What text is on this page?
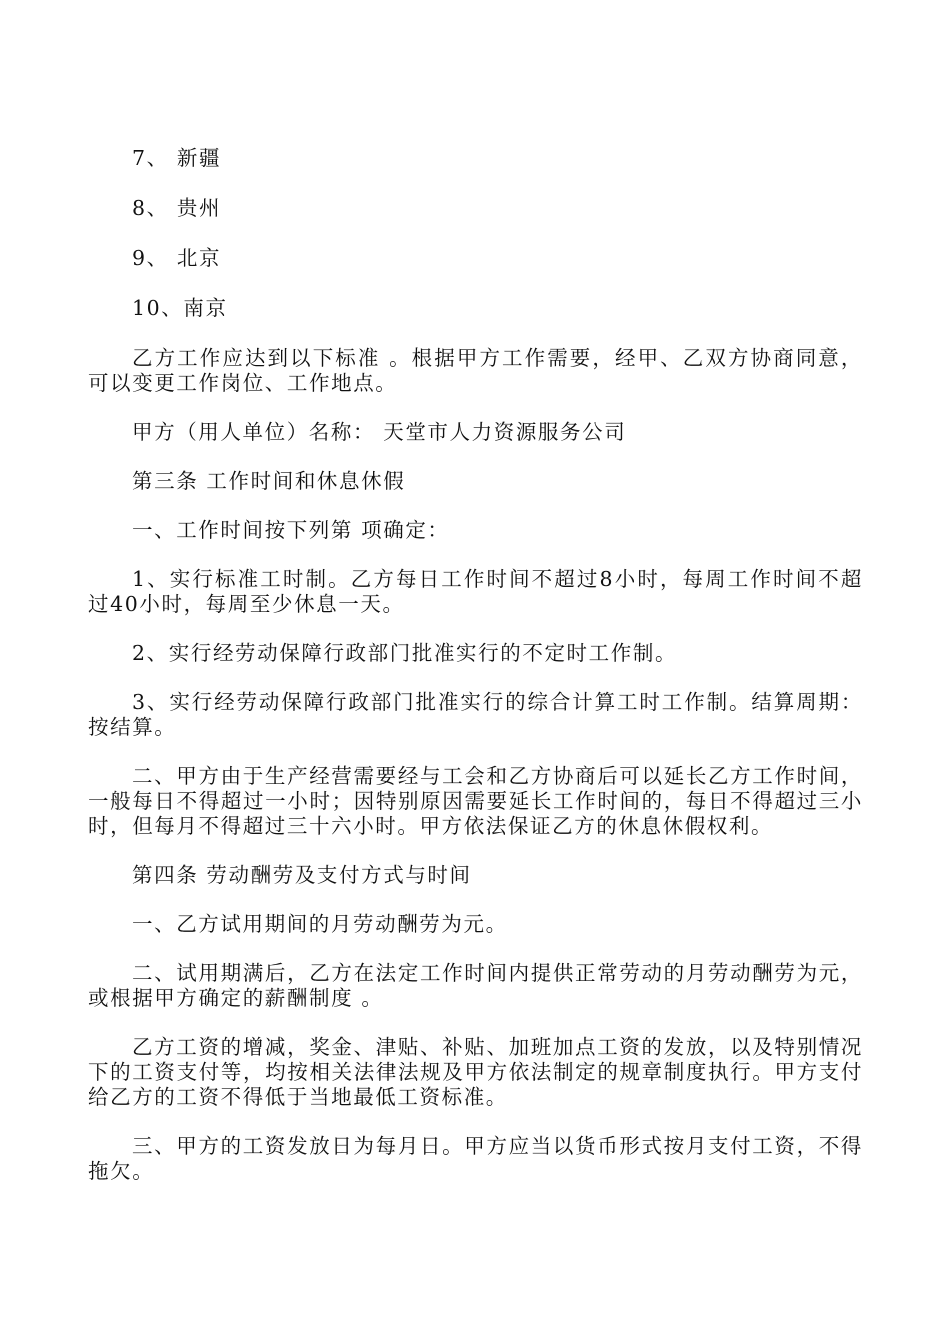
7、 新疆

8、 贵州

9、 北京

10、南京

乙方工作应达到以下标准 。根据甲方工作需要，经甲、乙双方协商同意，可以变更工作岗位、工作地点。

甲方（用人单位）名称： 天堂市人力资源服务公司

第三条 工作时间和休息休假

一、工作时间按下列第 项确定：

1、实行标准工时制。乙方每日工作时间不超过8小时，每周工作时间不超过40小时，每周至少休息一天。

2、实行经劳动保障行政部门批准实行的不定时工作制。

3、实行经劳动保障行政部门批准实行的综合计算工时工作制。结算周期：按结算。

二、甲方由于生产经营需要经与工会和乙方协商后可以延长乙方工作时间，一般每日不得超过一小时；因特别原因需要延长工作时间的，每日不得超过三小时，但每月不得超过三十六小时。甲方依法保证乙方的休息休假权利。

第四条 劳动酬劳及支付方式与时间

一、乙方试用期间的月劳动酬劳为元。

二、试用期满后，乙方在法定工作时间内提供正常劳动的月劳动酬劳为元，或根据甲方确定的薪酬制度 。

乙方工资的增减，奖金、津贴、补贴、加班加点工资的发放，以及特别情况下的工资支付等，均按相关法律法规及甲方依法制定的规章制度执行。甲方支付给乙方的工资不得低于当地最低工资标准。

三、甲方的工资发放日为每月日。甲方应当以货币形式按月支付工资，不得拖欠。
